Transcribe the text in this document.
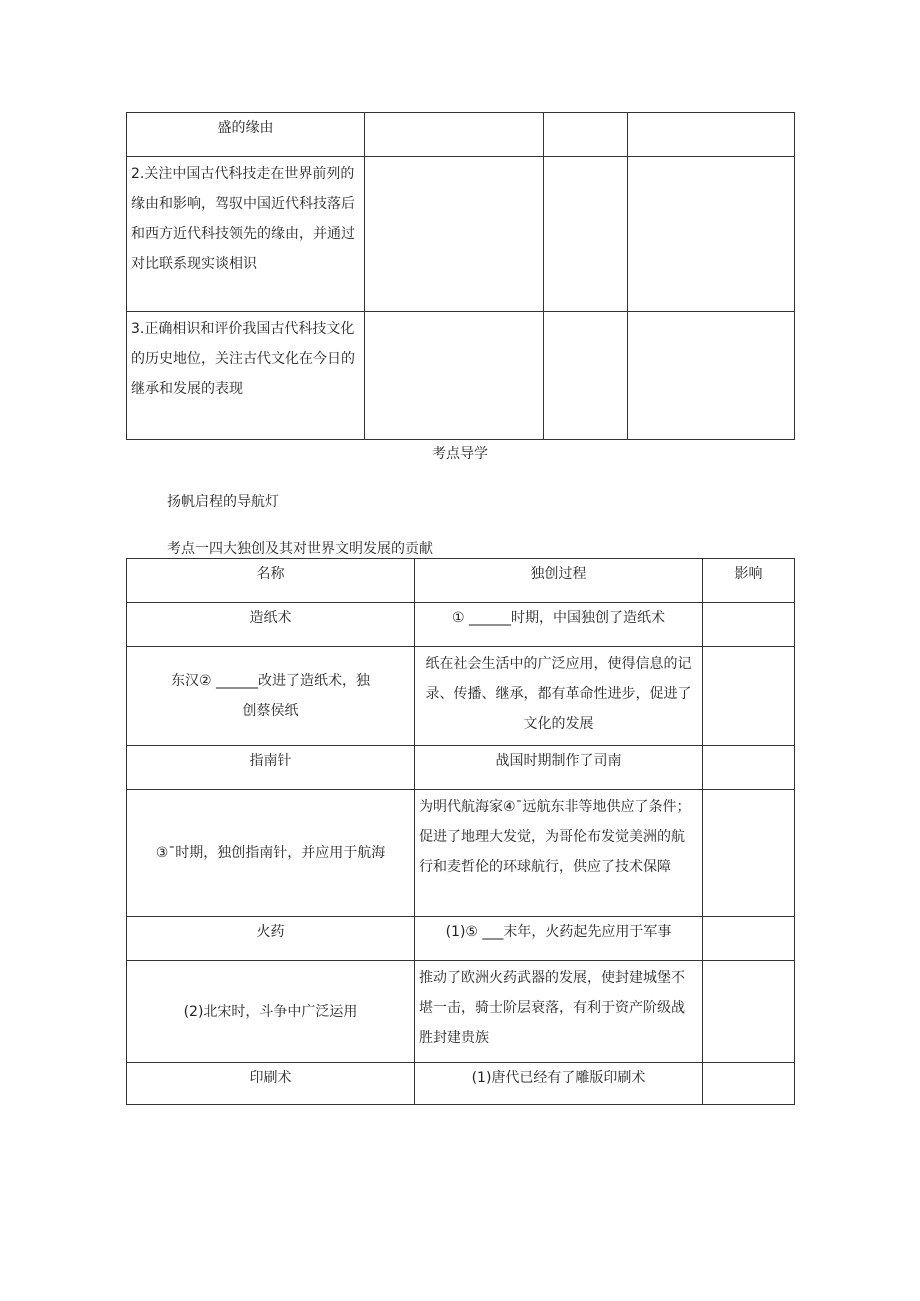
盛的缘由			

2.关注中国古代科技走在世界前列的缘由和影响，驾驭中国近代科技落后和西方近代科技领先的缘由，并通过对比联系现实谈相识			

3.正确相识和评价我国古代科技文化的历史地位，关注古代文化在今日的继承和发展的表现			

考点导学
扬帆启程的导航灯
考点一四大独创及其对世界文明发展的贡献
名称	独创过程	影响

造纸术	① ______时期，中国独创了造纸术	

东汉② ______改进了造纸术，独创蔡侯纸	纸在社会生活中的广泛应用，使得信息的记录、传播、继承，都有革命性进步，促进了文化的发展	

指南针	战国时期制作了司南	

③¯时期，独创指南针，并应用于航海	为明代航海家④¯远航东非等地供应了条件；促进了地理大发觉，为哥伦布发觉美洲的航行和麦哲伦的环球航行，供应了技术保障	

火药	(1)⑤ ___末年，火药起先应用于军事	

(2)北宋时，斗争中广泛运用	推动了欧洲火药武器的发展，使封建城堡不堪一击，骑士阶层衰落，有利于资产阶级战胜封建贵族	

印刷术	(1)唐代已经有了雕版印刷术	
